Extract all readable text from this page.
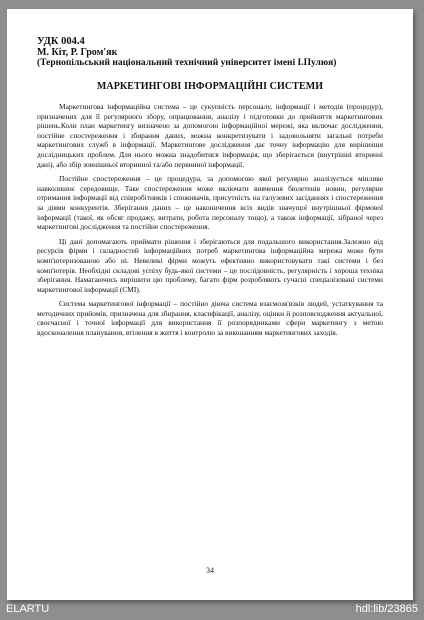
УДК 004.4
М. Кіт, Р. Гром'як
(Тернопільський національний технічний університет імені І.Пулюя)
МАРКЕТИНГОВІ ІНФОРМАЦІЙНІ СИСТЕМИ

Маркетингова інформаційна система – це сукупність персоналу, інформації і методів (процедур), призначених для її регулярного збору, опрацювання, аналізу і підготовки до прийняття маркетингових рішень.Коли план маркетингу визначено за допомогою інформаційної мережі, яка включає дослідження, постійне спостереження і збирання даних, можна конкретизувати і задовольняти загальні потреби маркетингових служб в інформації. Маркетингове дослідження дає точну інформацію для вирішення дослідницьких проблем. Для нього можна знадобитися інформація, що зберігається (внутрішні вторинні дані), або збір зовнішньої вторинної та/або первинної інформації.

Постійне спостереження – це процедура, за допомогою якої регулярно аналізується мінливе навколишнє середовище. Таке спостереження може включати вивчення бюлетенів новин, регулярне отримання інформації від співробітників і споживачів, присутність на галузевих засіданнях і спостереження за діями конкурентів. Зберігання даних – це накопичення всіх видів значущої внутрішньої фірмової інформації (такої, як обсяг продажу, витрати, робота персоналу тощо), а також інформації, зібраної через маркетингові дослідження та постійне спостереження.

Ці дані допомагають приймати рішення і зберігаються для подальшого використання.Залежно від ресурсів фірми і складностей інформаційних потреб маркетингова інформаційна мережа може бути комп'ютеризованою або ні. Невеликі фірми можуть ефективно використовувати такі системи і без комп'ютерів. Необхідні складові успіху будь-якої системи – це послідовність, регулярність і хороша техніка зберігання. Намагаючись вирішити цю проблему, багато фірм розробляють сучасні спеціалізовані системи маркетингової інформації (СМІ).

Система маркетингової інформації – постійно діюча система взаємозв'язків людей, устаткування та методичних прийомів, призначена для збирання, класифікації, аналізу, оцінки й розповсюдження актуальної, своєчасної і точної інформації для використання її розпорядниками сфери маркетингу з метою вдосконалення планування, втілення в життя і контролю за виконанням маркетингових заходів.

34
ELARTU	hdl:lib/23865
